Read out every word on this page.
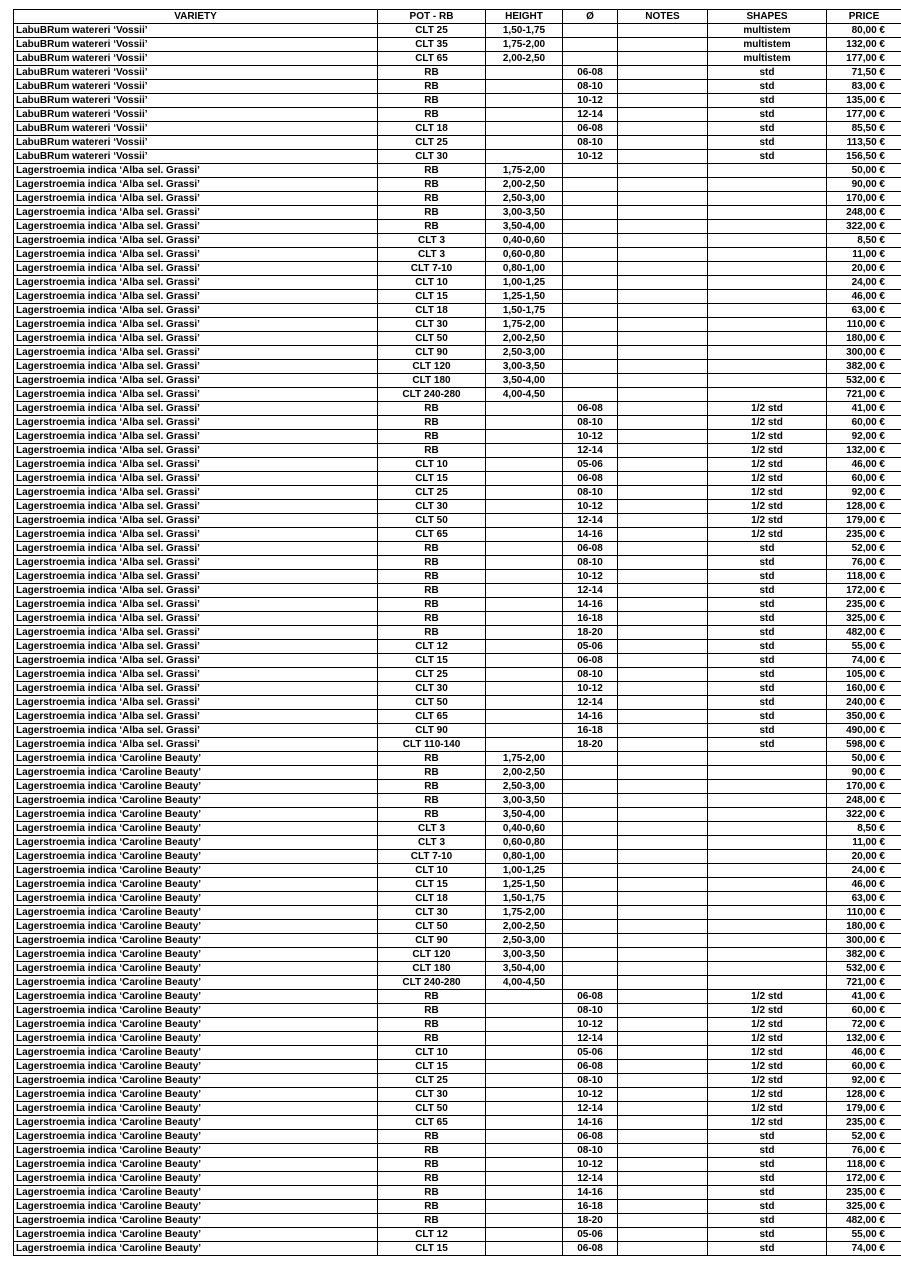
VARIETY	POT - RB	HEIGHT	Ø	NOTES	SHAPES	PRICE
LabuBRum watereri ‘Vossii’	CLT 25	1,50-1,75			multistem	80,00 €
LabuBRum watereri ‘Vossii’	CLT 35	1,75-2,00			multistem	132,00 €
LabuBRum watereri ‘Vossii’	CLT 65	2,00-2,50			multistem	177,00 €
LabuBRum watereri ‘Vossii’	RB		06-08		std	71,50 €
LabuBRum watereri ‘Vossii’	RB		08-10		std	83,00 €
LabuBRum watereri ‘Vossii’	RB		10-12		std	135,00 €
LabuBRum watereri ‘Vossii’	RB		12-14		std	177,00 €
LabuBRum watereri ‘Vossii’	CLT 18		06-08		std	85,50 €
LabuBRum watereri ‘Vossii’	CLT 25		08-10		std	113,50 €
LabuBRum watereri ‘Vossii’	CLT 30		10-12		std	156,50 €
Lagerstroemia indica ‘Alba sel. Grassi’	RB	1,75-2,00				50,00 €
Lagerstroemia indica ‘Alba sel. Grassi’	RB	2,00-2,50				90,00 €
Lagerstroemia indica ‘Alba sel. Grassi’	RB	2,50-3,00				170,00 €
Lagerstroemia indica ‘Alba sel. Grassi’	RB	3,00-3,50				248,00 €
Lagerstroemia indica ‘Alba sel. Grassi’	RB	3,50-4,00				322,00 €
Lagerstroemia indica ‘Alba sel. Grassi’	CLT 3	0,40-0,60				8,50 €
Lagerstroemia indica ‘Alba sel. Grassi’	CLT 3	0,60-0,80				11,00 €
Lagerstroemia indica ‘Alba sel. Grassi’	CLT 7-10	0,80-1,00				20,00 €
Lagerstroemia indica ‘Alba sel. Grassi’	CLT 10	1,00-1,25				24,00 €
Lagerstroemia indica ‘Alba sel. Grassi’	CLT 15	1,25-1,50				46,00 €
Lagerstroemia indica ‘Alba sel. Grassi’	CLT 18	1,50-1,75				63,00 €
Lagerstroemia indica ‘Alba sel. Grassi’	CLT 30	1,75-2,00				110,00 €
Lagerstroemia indica ‘Alba sel. Grassi’	CLT 50	2,00-2,50				180,00 €
Lagerstroemia indica ‘Alba sel. Grassi’	CLT 90	2,50-3,00				300,00 €
Lagerstroemia indica ‘Alba sel. Grassi’	CLT 120	3,00-3,50				382,00 €
Lagerstroemia indica ‘Alba sel. Grassi’	CLT 180	3,50-4,00				532,00 €
Lagerstroemia indica ‘Alba sel. Grassi’	CLT 240-280	4,00-4,50				721,00 €
Lagerstroemia indica ‘Alba sel. Grassi’	RB		06-08		1/2 std	41,00 €
Lagerstroemia indica ‘Alba sel. Grassi’	RB		08-10		1/2 std	60,00 €
Lagerstroemia indica ‘Alba sel. Grassi’	RB		10-12		1/2 std	92,00 €
Lagerstroemia indica ‘Alba sel. Grassi’	RB		12-14		1/2 std	132,00 €
Lagerstroemia indica ‘Alba sel. Grassi’	CLT 10		05-06		1/2 std	46,00 €
Lagerstroemia indica ‘Alba sel. Grassi’	CLT 15		06-08		1/2 std	60,00 €
Lagerstroemia indica ‘Alba sel. Grassi’	CLT 25		08-10		1/2 std	92,00 €
Lagerstroemia indica ‘Alba sel. Grassi’	CLT 30		10-12		1/2 std	128,00 €
Lagerstroemia indica ‘Alba sel. Grassi’	CLT 50		12-14		1/2 std	179,00 €
Lagerstroemia indica ‘Alba sel. Grassi’	CLT 65		14-16		1/2 std	235,00 €
Lagerstroemia indica ‘Alba sel. Grassi’	RB		06-08		std	52,00 €
Lagerstroemia indica ‘Alba sel. Grassi’	RB		08-10		std	76,00 €
Lagerstroemia indica ‘Alba sel. Grassi’	RB		10-12		std	118,00 €
Lagerstroemia indica ‘Alba sel. Grassi’	RB		12-14		std	172,00 €
Lagerstroemia indica ‘Alba sel. Grassi’	RB		14-16		std	235,00 €
Lagerstroemia indica ‘Alba sel. Grassi’	RB		16-18		std	325,00 €
Lagerstroemia indica ‘Alba sel. Grassi’	RB		18-20		std	482,00 €
Lagerstroemia indica ‘Alba sel. Grassi’	CLT 12		05-06		std	55,00 €
Lagerstroemia indica ‘Alba sel. Grassi’	CLT 15		06-08		std	74,00 €
Lagerstroemia indica ‘Alba sel. Grassi’	CLT 25		08-10		std	105,00 €
Lagerstroemia indica ‘Alba sel. Grassi’	CLT 30		10-12		std	160,00 €
Lagerstroemia indica ‘Alba sel. Grassi’	CLT 50		12-14		std	240,00 €
Lagerstroemia indica ‘Alba sel. Grassi’	CLT 65		14-16		std	350,00 €
Lagerstroemia indica ‘Alba sel. Grassi’	CLT 90		16-18		std	490,00 €
Lagerstroemia indica ‘Alba sel. Grassi’	CLT 110-140		18-20		std	598,00 €
Lagerstroemia indica ‘Caroline Beauty’	RB	1,75-2,00				50,00 €
Lagerstroemia indica ‘Caroline Beauty’	RB	2,00-2,50				90,00 €
Lagerstroemia indica ‘Caroline Beauty’	RB	2,50-3,00				170,00 €
Lagerstroemia indica ‘Caroline Beauty’	RB	3,00-3,50				248,00 €
Lagerstroemia indica ‘Caroline Beauty’	RB	3,50-4,00				322,00 €
Lagerstroemia indica ‘Caroline Beauty’	CLT 3	0,40-0,60				8,50 €
Lagerstroemia indica ‘Caroline Beauty’	CLT 3	0,60-0,80				11,00 €
Lagerstroemia indica ‘Caroline Beauty’	CLT 7-10	0,80-1,00				20,00 €
Lagerstroemia indica ‘Caroline Beauty’	CLT 10	1,00-1,25				24,00 €
Lagerstroemia indica ‘Caroline Beauty’	CLT 15	1,25-1,50				46,00 €
Lagerstroemia indica ‘Caroline Beauty’	CLT 18	1,50-1,75				63,00 €
Lagerstroemia indica ‘Caroline Beauty’	CLT 30	1,75-2,00				110,00 €
Lagerstroemia indica ‘Caroline Beauty’	CLT 50	2,00-2,50				180,00 €
Lagerstroemia indica ‘Caroline Beauty’	CLT 90	2,50-3,00				300,00 €
Lagerstroemia indica ‘Caroline Beauty’	CLT 120	3,00-3,50				382,00 €
Lagerstroemia indica ‘Caroline Beauty’	CLT 180	3,50-4,00				532,00 €
Lagerstroemia indica ‘Caroline Beauty’	CLT 240-280	4,00-4,50				721,00 €
Lagerstroemia indica ‘Caroline Beauty’	RB		06-08		1/2 std	41,00 €
Lagerstroemia indica ‘Caroline Beauty’	RB		08-10		1/2 std	60,00 €
Lagerstroemia indica ‘Caroline Beauty’	RB		10-12		1/2 std	72,00 €
Lagerstroemia indica ‘Caroline Beauty’	RB		12-14		1/2 std	132,00 €
Lagerstroemia indica ‘Caroline Beauty’	CLT 10		05-06		1/2 std	46,00 €
Lagerstroemia indica ‘Caroline Beauty’	CLT 15		06-08		1/2 std	60,00 €
Lagerstroemia indica ‘Caroline Beauty’	CLT 25		08-10		1/2 std	92,00 €
Lagerstroemia indica ‘Caroline Beauty’	CLT 30		10-12		1/2 std	128,00 €
Lagerstroemia indica ‘Caroline Beauty’	CLT 50		12-14		1/2 std	179,00 €
Lagerstroemia indica ‘Caroline Beauty’	CLT 65		14-16		1/2 std	235,00 €
Lagerstroemia indica ‘Caroline Beauty’	RB		06-08		std	52,00 €
Lagerstroemia indica ‘Caroline Beauty’	RB		08-10		std	76,00 €
Lagerstroemia indica ‘Caroline Beauty’	RB		10-12		std	118,00 €
Lagerstroemia indica ‘Caroline Beauty’	RB		12-14		std	172,00 €
Lagerstroemia indica ‘Caroline Beauty’	RB		14-16		std	235,00 €
Lagerstroemia indica ‘Caroline Beauty’	RB		16-18		std	325,00 €
Lagerstroemia indica ‘Caroline Beauty’	RB		18-20		std	482,00 €
Lagerstroemia indica ‘Caroline Beauty’	CLT 12		05-06		std	55,00 €
Lagerstroemia indica ‘Caroline Beauty’	CLT 15		06-08		std	74,00 €
